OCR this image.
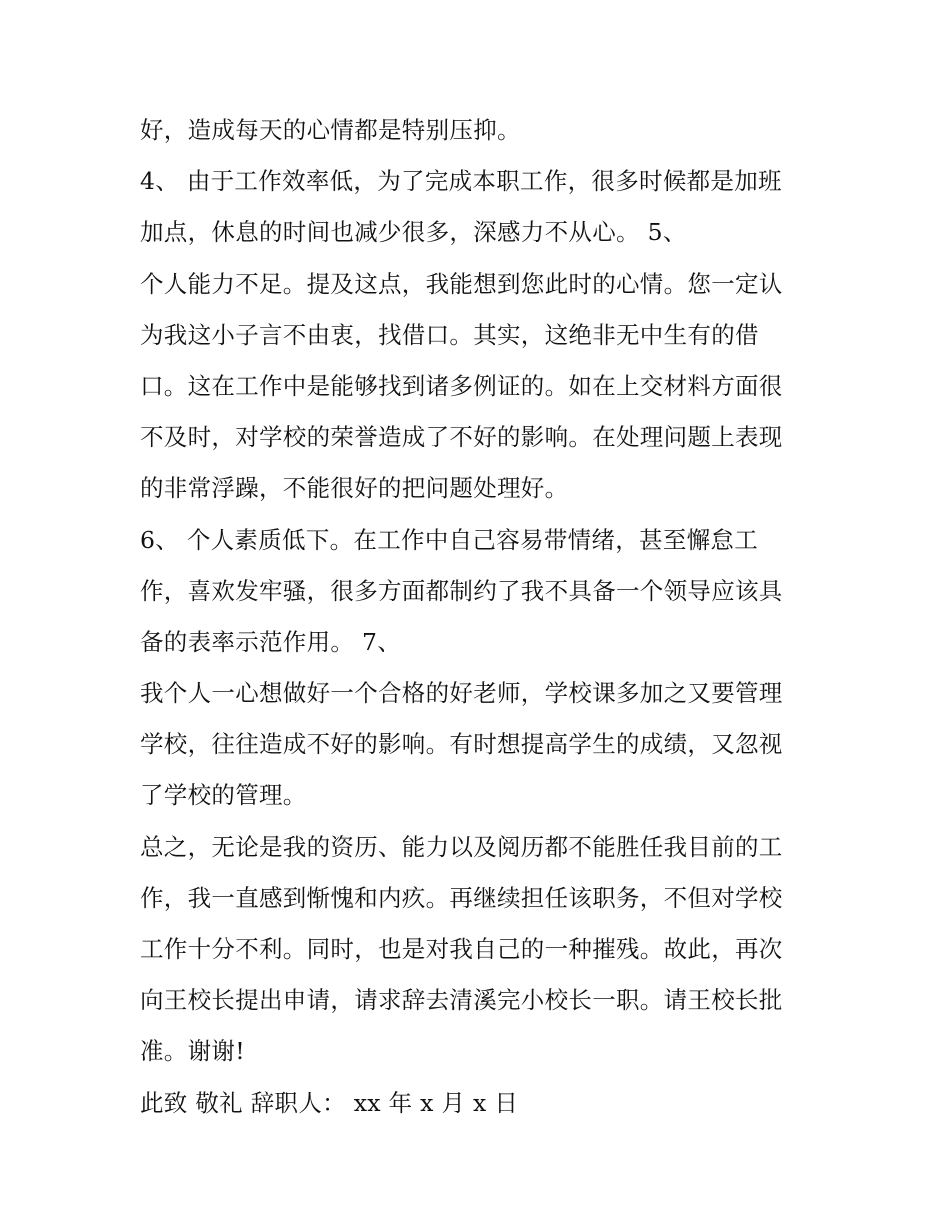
好，造成每天的心情都是特别压抑。
4、 由于工作效率低，为了完成本职工作，很多时候都是加班
加点，休息的时间也减少很多，深感力不从心。 5、
个人能力不足。提及这点，我能想到您此时的心情。您一定认
为我这小子言不由衷，找借口。其实，这绝非无中生有的借
口。这在工作中是能够找到诸多例证的。如在上交材料方面很
不及时，对学校的荣誉造成了不好的影响。在处理问题上表现
的非常浮躁，不能很好的把问题处理好。
6、 个人素质低下。在工作中自己容易带情绪，甚至懈怠工
作，喜欢发牢骚，很多方面都制约了我不具备一个领导应该具
备的表率示范作用。 7、
我个人一心想做好一个合格的好老师，学校课多加之又要管理
学校，往往造成不好的影响。有时想提高学生的成绩，又忽视
了学校的管理。
总之，无论是我的资历、能力以及阅历都不能胜任我目前的工
作，我一直感到惭愧和内疚。再继续担任该职务，不但对学校
工作十分不利。同时，也是对我自己的一种摧残。故此，再次
向王校长提出申请，请求辞去清溪完小校长一职。请王校长批
准。谢谢!
此致 敬礼 辞职人： xx 年 x 月 x 日
